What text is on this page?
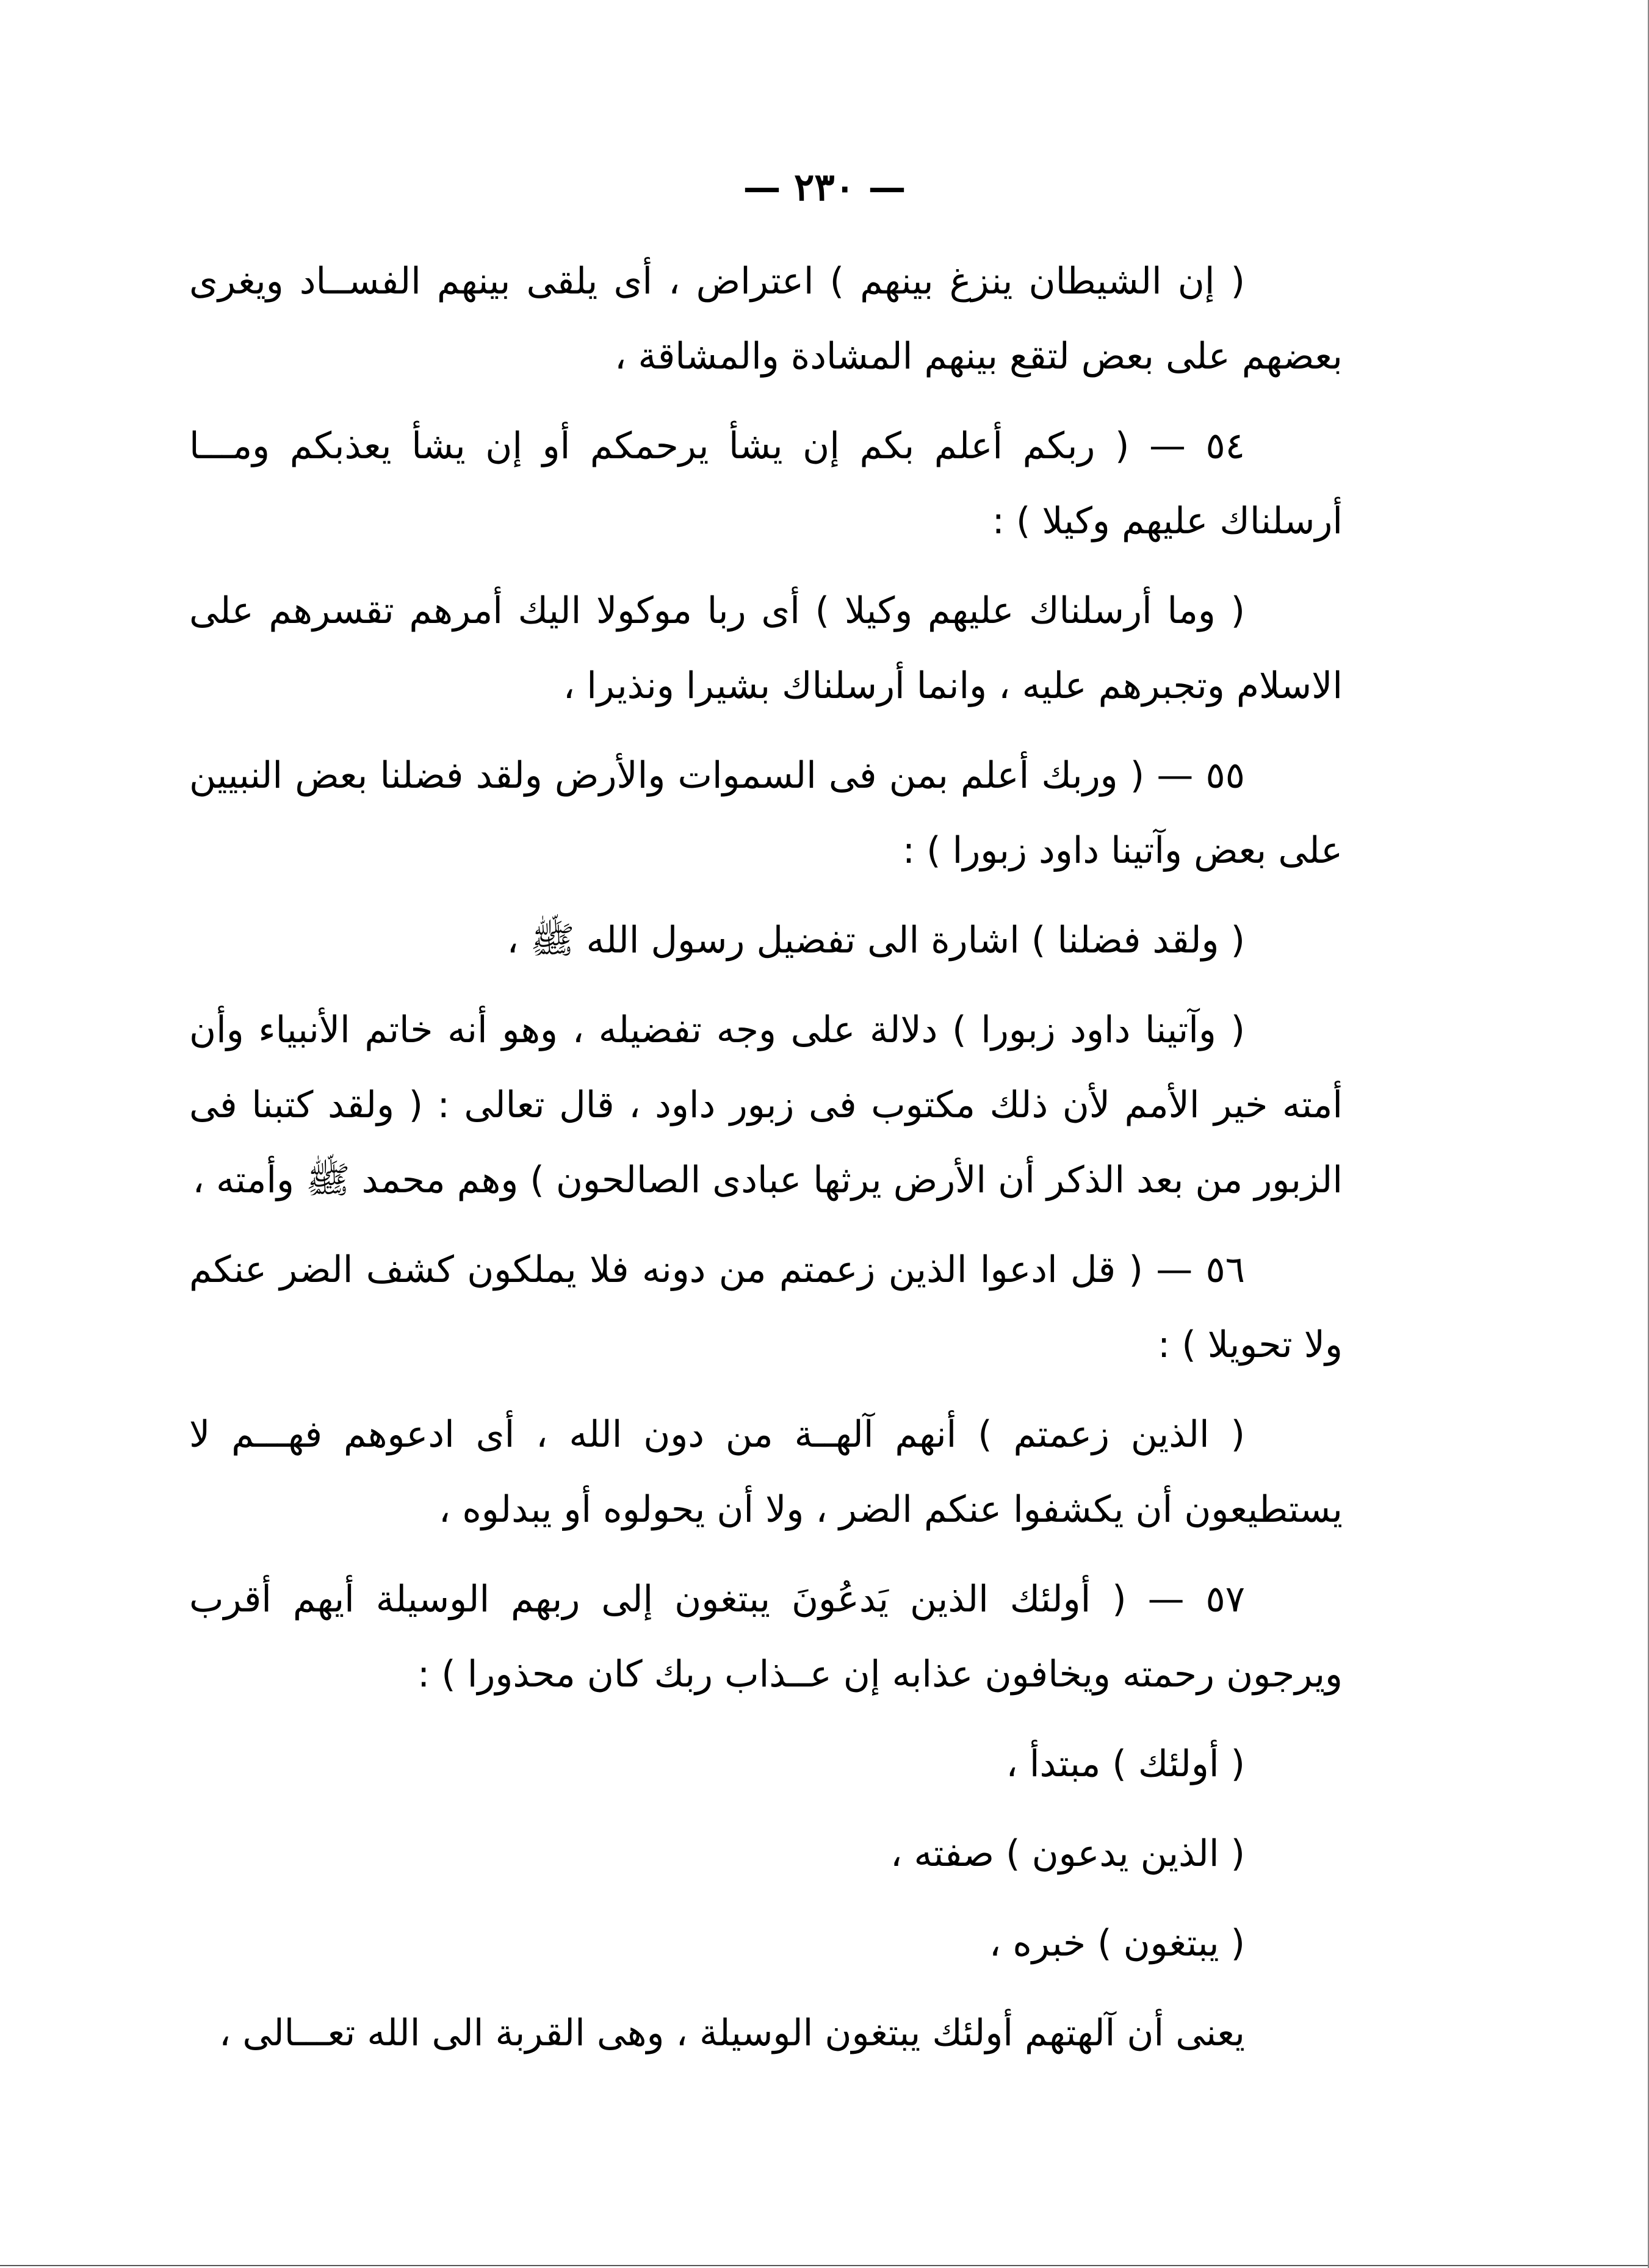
— ٢٣٠ —

( إن الشيطان ينزغ بينهم ) اعتراض ، أى يلقى بينهم الفســاد ويغرى بعضهم على بعض لتقع بينهم المشادة والمشاقة ،

٥٤ — ( ربكم أعلم بكم إن يشأ يرحمكم أو إن يشأ يعذبكم ومـــا أرسلناك عليهم وكيلا ) :

( وما أرسلناك عليهم وكيلا ) أى ربا موكولا اليك أمرهم تقسرهم على الاسلام وتجبرهم عليه ، وانما أرسلناك بشيرا ونذيرا ،

٥٥ — ( وربك أعلم بمن فى السموات والأرض ولقد فضلنا بعض النبيين على بعض وآتينا داود زبورا ) :

( ولقد فضلنا ) اشارة الى تفضيل رسول الله ﷺ ،

( وآتينا داود زبورا ) دلالة على وجه تفضيله ، وهو أنه خاتم الأنبياء وأن أمته خير الأمم لأن ذلك مكتوب فى زبور داود ، قال تعالى : ( ولقد كتبنا فى الزبور من بعد الذكر أن الأرض يرثها عبادى الصالحون ) وهم محمد ﷺ وأمته ،

٥٦ — ( قل ادعوا الذين زعمتم من دونه فلا يملكون كشف الضر عنكم ولا تحويلا ) :

( الذين زعمتم ) أنهم آلهــة من دون الله ، أى ادعوهم فهـــم لا يستطيعون أن يكشفوا عنكم الضر ، ولا أن يحولوه أو يبدلوه ،

٥٧ — ( أولئك الذين يَدعُونَ يبتغون إلى ربهم الوسيلة أيهم أقرب ويرجون رحمته ويخافون عذابه إن عــذاب ربك كان محذورا ) :

( أولئك ) مبتدأ ،

( الذين يدعون ) صفته ،

( يبتغون ) خبره ،

يعنى أن آلهتهم أولئك يبتغون الوسيلة ، وهى القربة الى الله تعـــالى ،
